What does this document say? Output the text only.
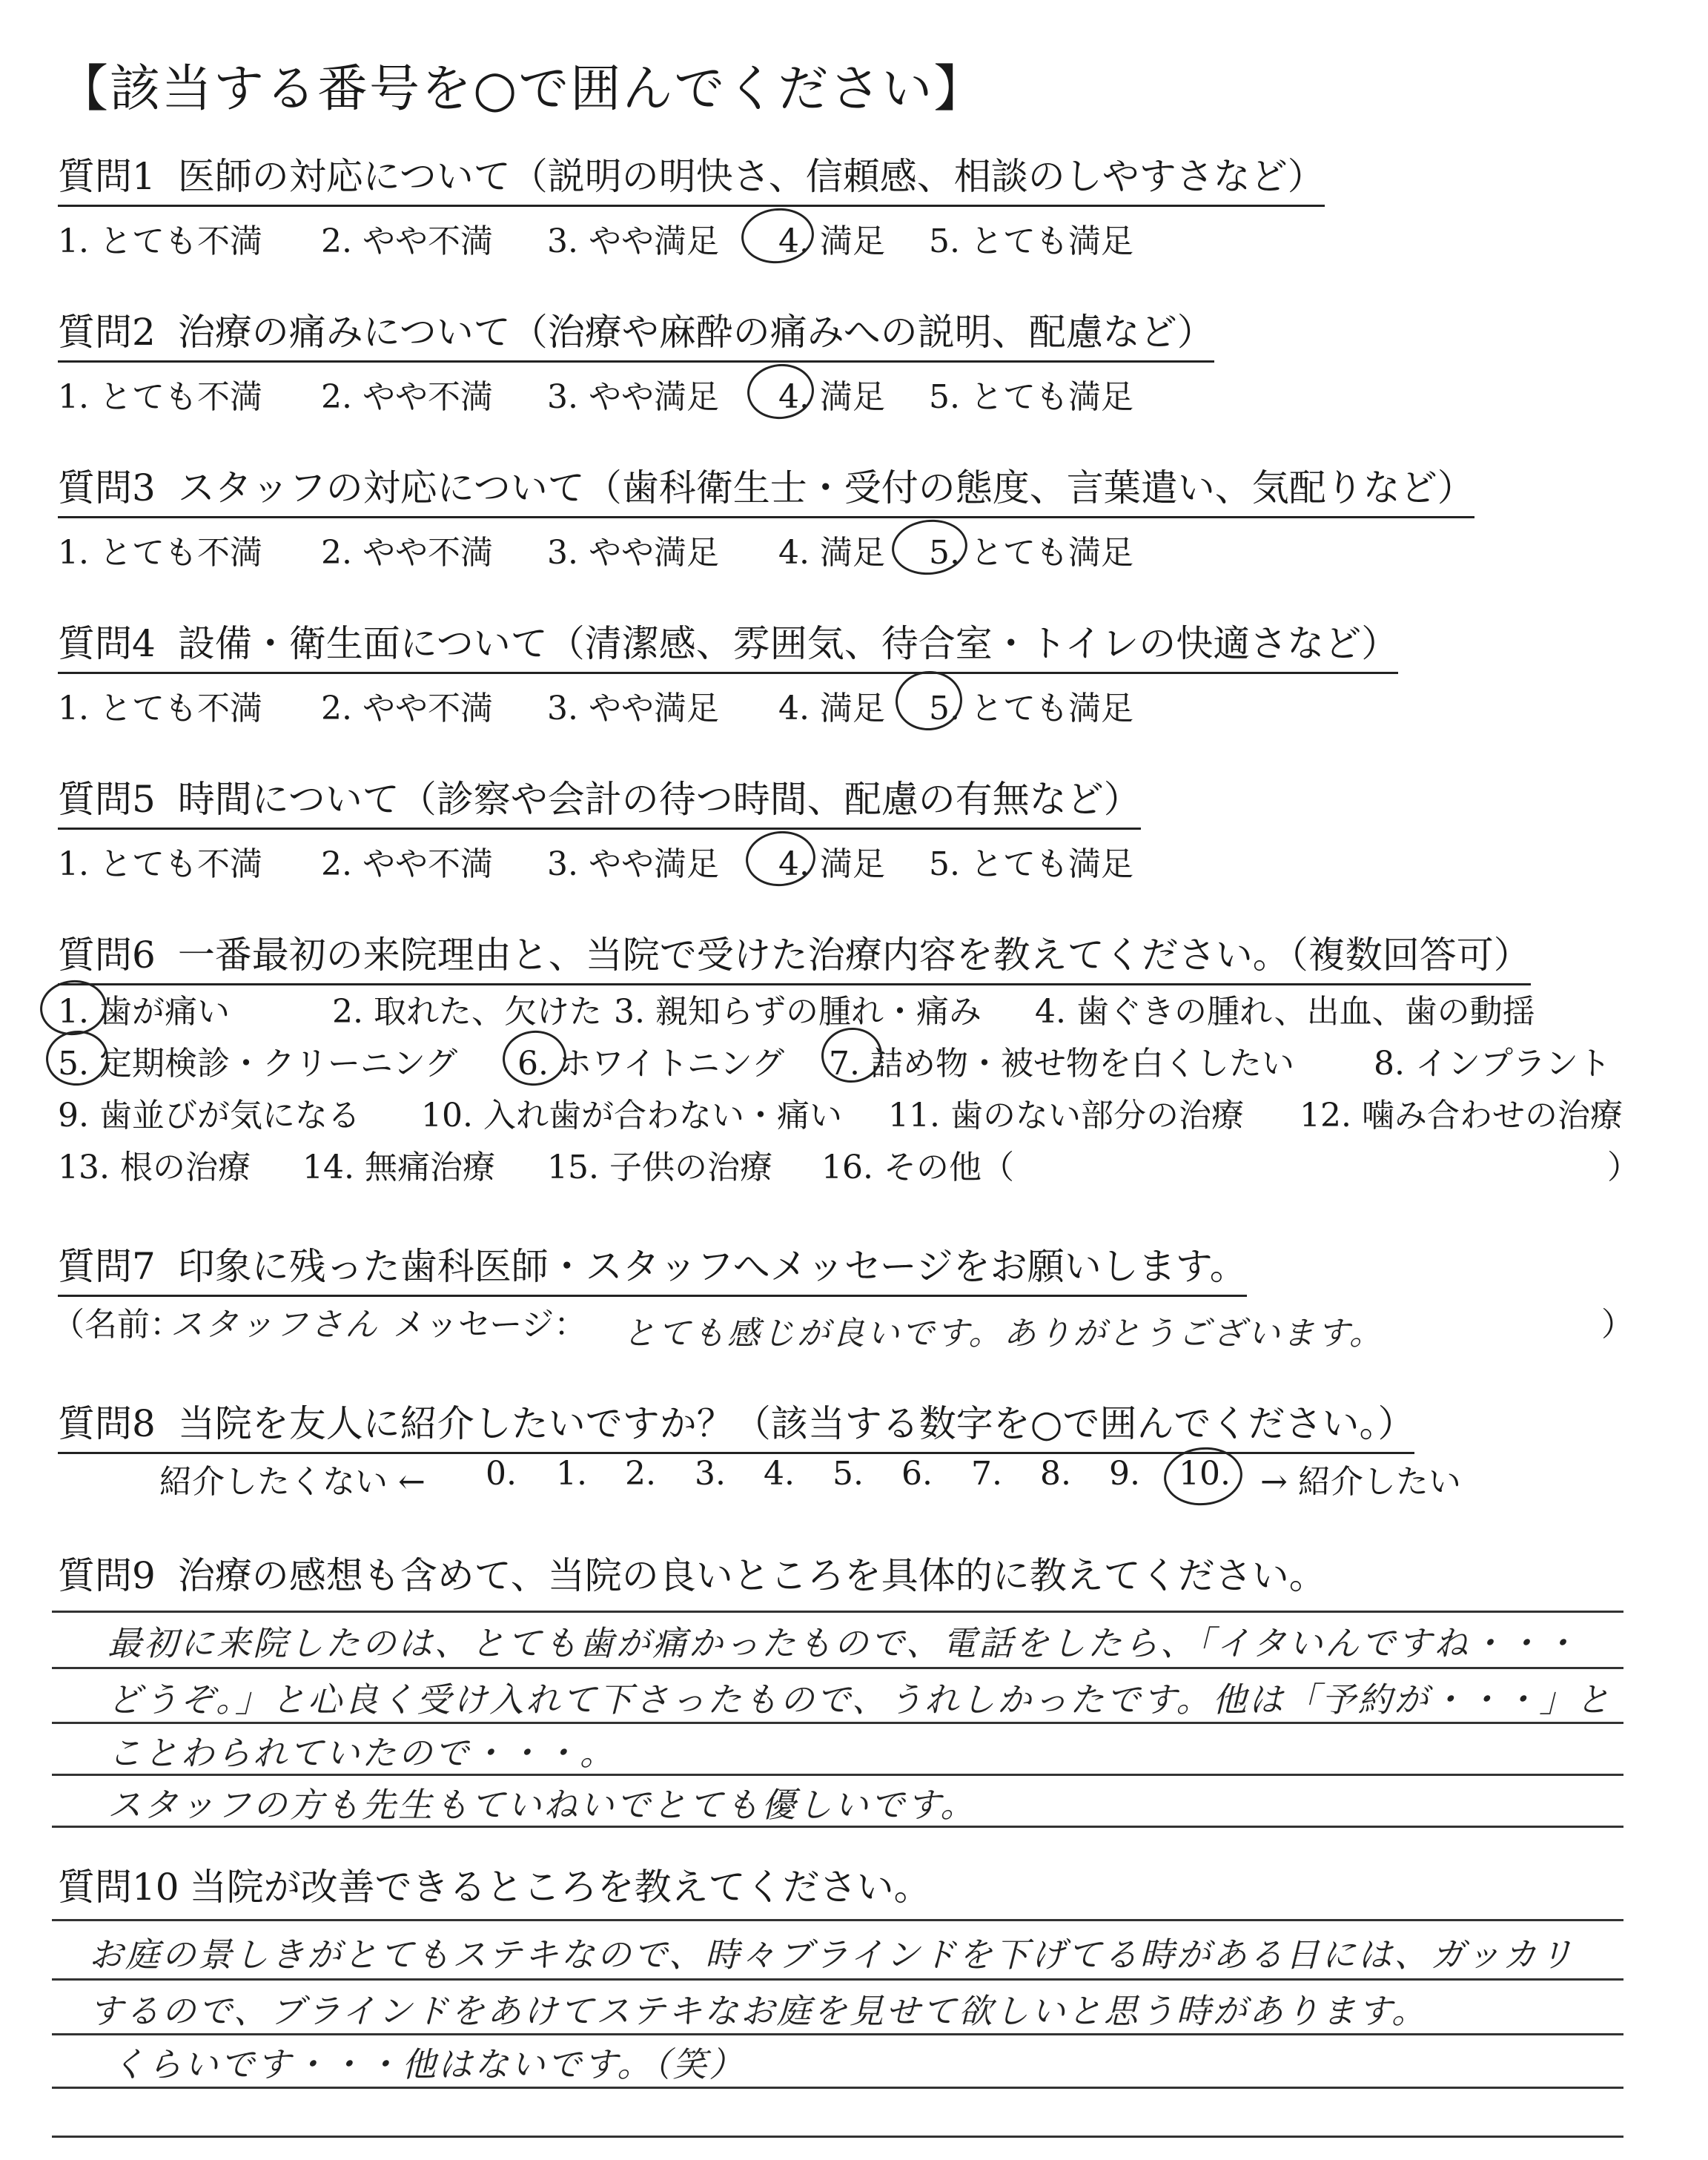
【該当する番号を○で囲んでください】
質問1 医師の対応について（説明の明快さ、信頼感、相談のしやすさなど）
1. とても不満 2. やや不満 3. やや満足 4. 満足 5. とても満足
質問2 治療の痛みについて（治療や麻酔の痛みへの説明、配慮など）
1. とても不満 2. やや不満 3. やや満足 4. 満足 5. とても満足
質問3 スタッフの対応について（歯科衛生士・受付の態度、言葉遣い、気配りなど）
1. とても不満 2. やや不満 3. やや満足 4. 満足 5. とても満足
質問4 設備・衛生面について（清潔感、雰囲気、待合室・トイレの快適さなど）
1. とても不満 2. やや不満 3. やや満足 4. 満足 5. とても満足
質問5 時間について（診察や会計の待つ時間、配慮の有無など）
1. とても不満 2. やや不満 3. やや満足 4. 満足 5. とても満足
質問6 一番最初の来院理由と、当院で受けた治療内容を教えてください。（複数回答可）
1. 歯が痛い	2. 取れた、欠けた 3. 親知らずの腫れ・痛み 4. 歯ぐきの腫れ、出血、歯の動揺
5. 定期検診・クリーニング 6. ホワイトニング 7. 詰め物・被せ物を白くしたい 8. インプラント
9. 歯並びが気になる 10. 入れ歯が合わない・痛い 11. 歯のない部分の治療 12. 噛み合わせの治療
13. 根の治療 14. 無痛治療 15. 子供の治療 16. その他（	）
質問7 印象に残った歯科医師・スタッフへメッセージをお願いします。
（名前：
スタッフさん メッセージ： とても感じが良いです。ありがとうございます。	）
質問8 当院を友人に紹介したいですか？（該当する数字を○で囲んでください。）
紹介したくない ← 0. 1. 2. 3. 4. 5. 6. 7. 8. 9. 10. → 紹介したい
質問9 治療の感想も含めて、当院の良いところを具体的に教えてください。
最初に来院したのは、とても歯が痛かったもので、電話をしたら、「イタいんですね・・・
どうぞ。」と心良く受け入れて下さったもので、うれしかったです。他は「予約が・・・」と
ことわられていたので・・・。
スタッフの方も先生もていねいでとても優しいです。
質問10 当院が改善できるところを教えてください。
お庭の景しきがとてもステキなので、時々ブラインドを下げてる時がある日には、ガッカリ
するので、ブラインドをあけてステキなお庭を見せて欲しいと思う時があります。
くらいです・・・他はないです。（笑）
